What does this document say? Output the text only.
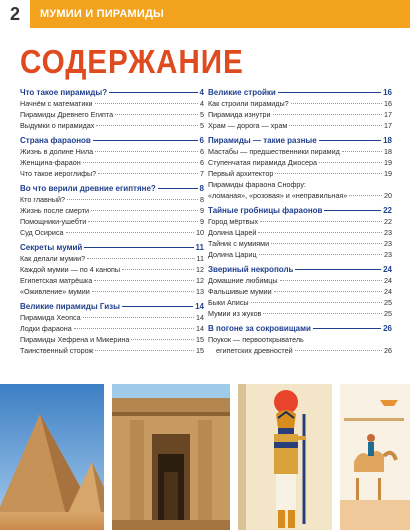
2	МУМИИ И ПИРАМИДЫ
СОДЕРЖАНИЕ
Что такое пирамиды?	4
Начнём с математики	4
Пирамиды Древнего Египта	5
Выдумки о пирамидах	5
Страна фараонов	6
Жизнь в долине Нила	6
Женщина-фараон	6
Что такое иероглифы?	7
Во что верили древние египтяне?	8
Кто главный?	8
Жизнь после смерти	9
Помощники-ушебти	9
Суд Осириса	10
Секреты мумий	11
Как делали мумии?	11
Каждой мумии — по 4 канопы	12
Египетская матрёшка	12
«Оживление» мумии	13
Великие пирамиды Гизы	14
Пирамида Хеопса	14
Лодки фараона	14
Пирамиды Хефрена и Микерина	15
Таинственный сторож	15
Великие стройки	16
Как строили пирамиды?	16
Пирамида изнутри	17
Храм — дорога — храм	17
Пирамиды — такие разные	18
Мастабы — предшественники пирамид	18
Ступенчатая пирамида Джосера	19
Первый архитектор	19
Пирамиды фараона Снофру:
«ломаная», «розовая» и «неправильная»	20
Тайные гробницы фараонов	22
Город мёртвых	22
Долина Царей	23
Тайник с мумиями	23
Долина Цариц	23
Звериный некрополь	24
Домашние любимцы	24
Фальшивые мумии	24
Быки Аписы	25
Мумии из жуков	25
В погоне за сокровищами	26
Поукок — первооткрыватель
египетских древностей	26
